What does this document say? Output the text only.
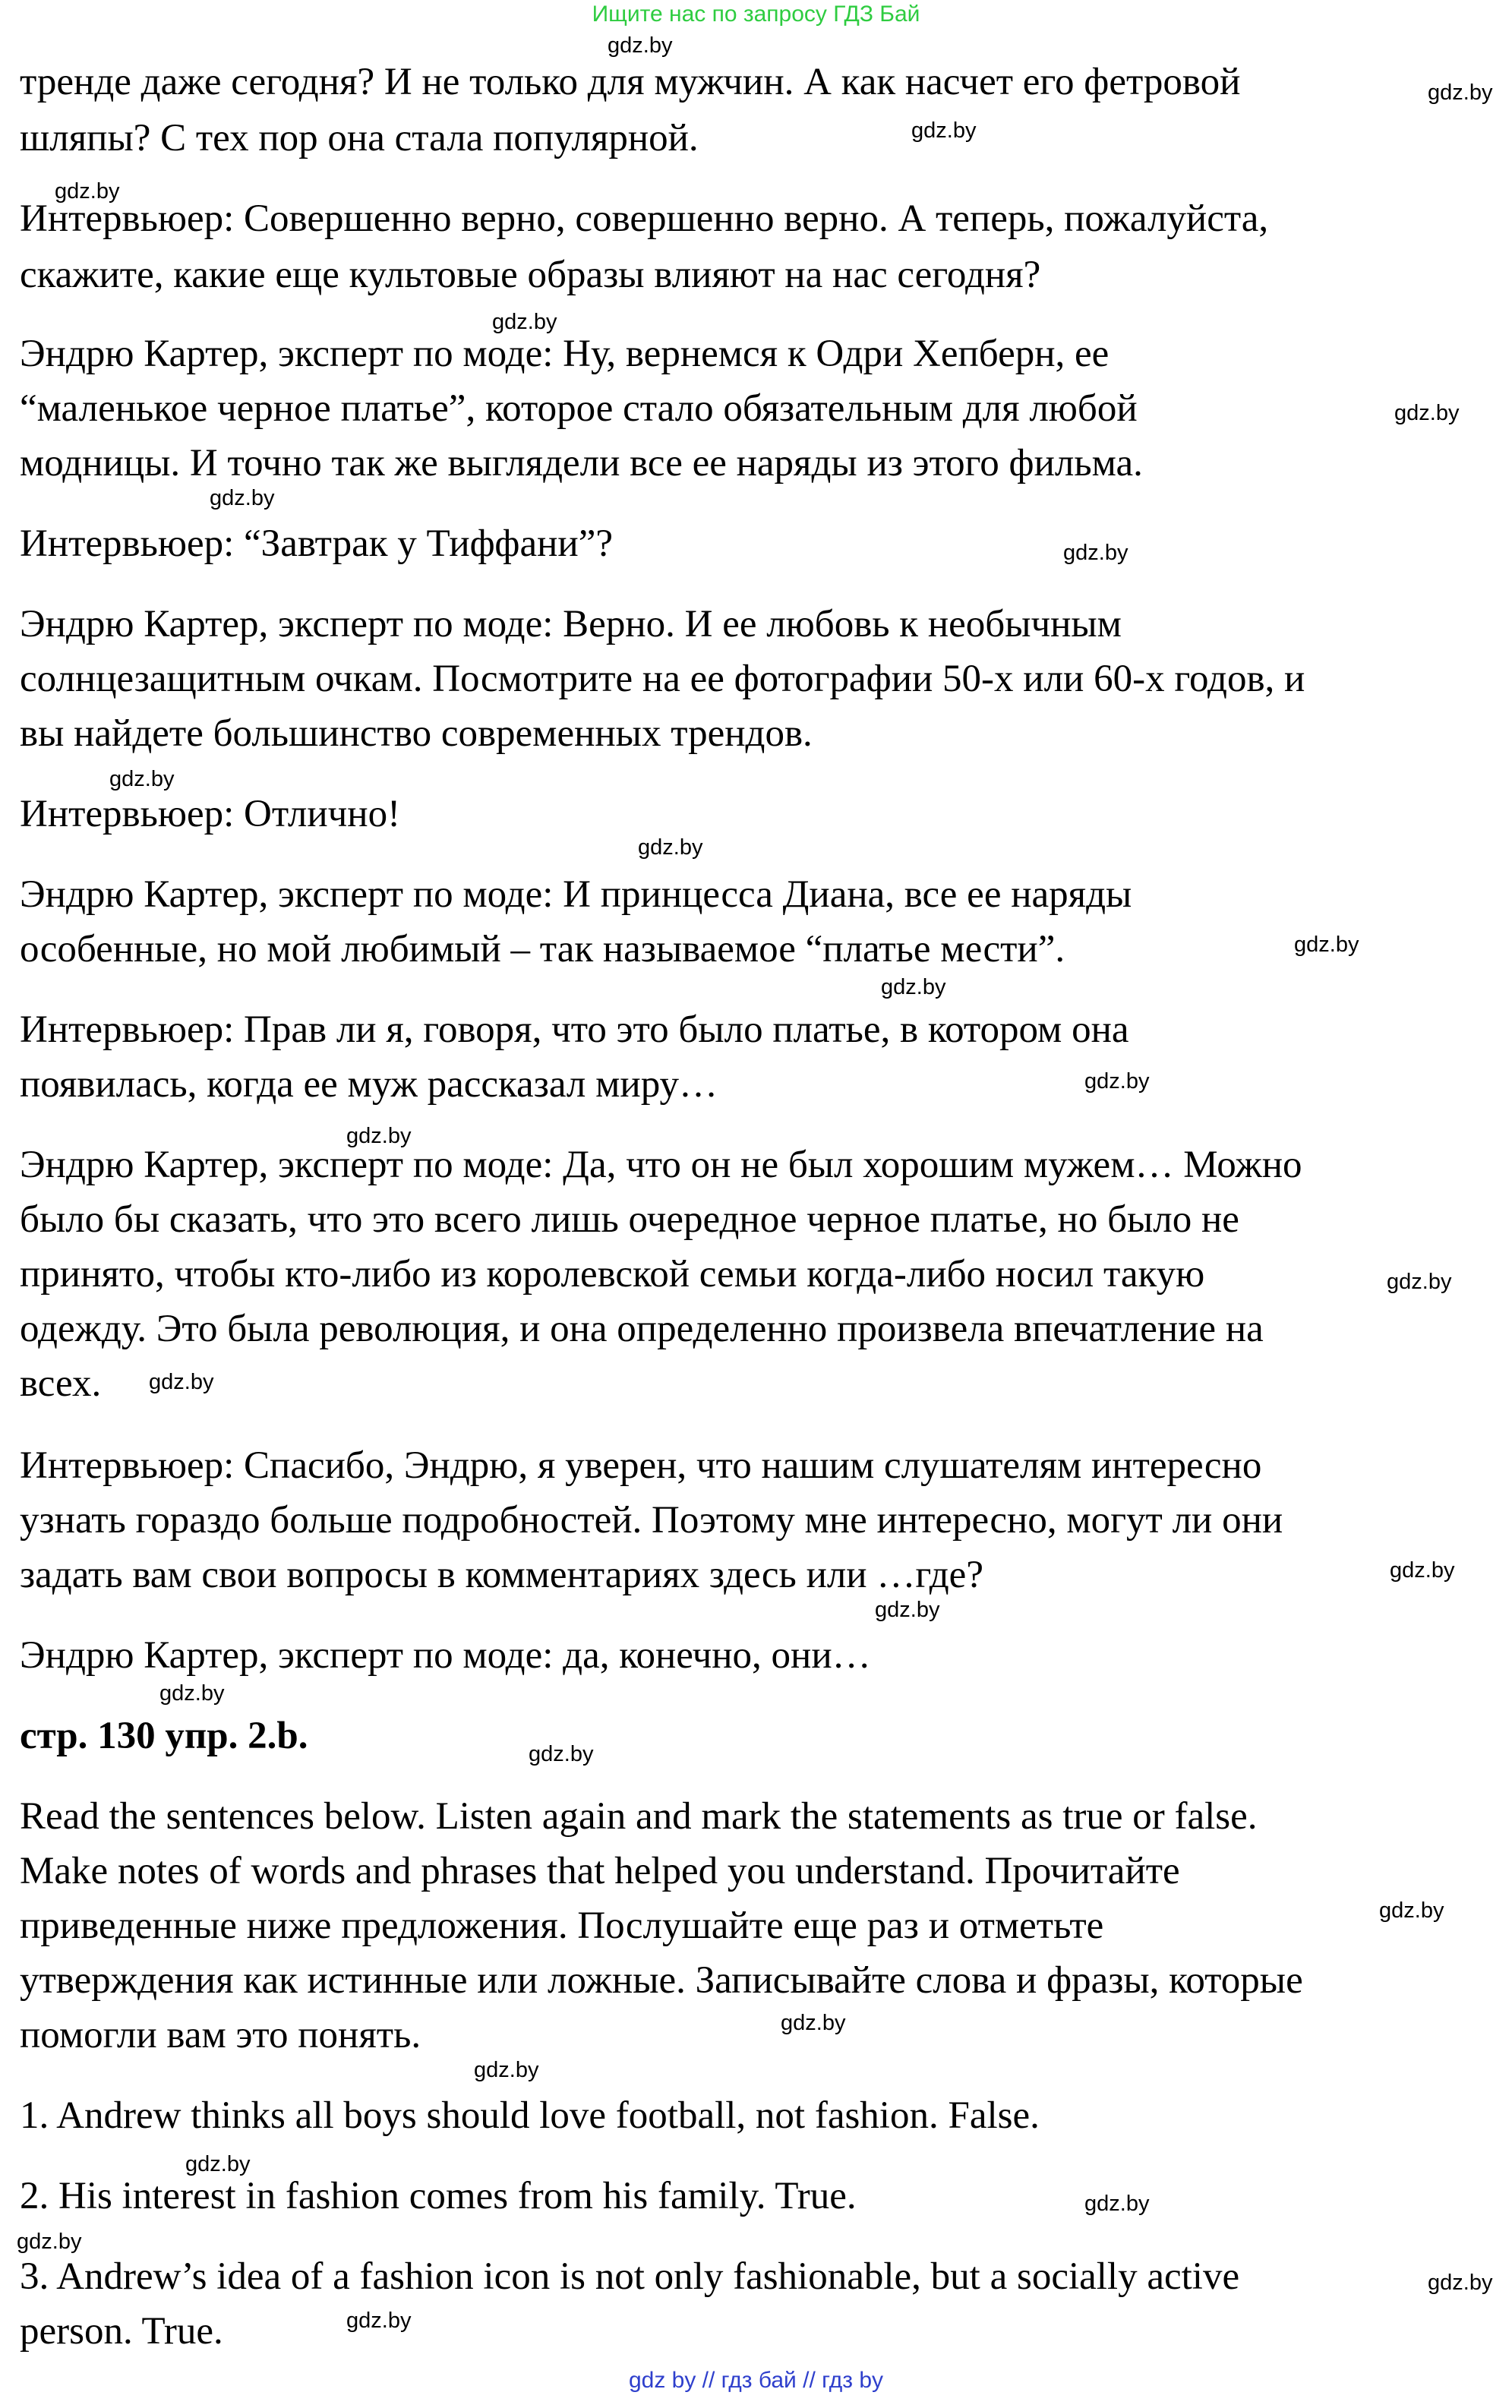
Ищите нас по запросу ГДЗ Бай
тренде даже сегодня? И не только для мужчин. А как насчет его фетровой
шляпы? С тех пор она стала популярной.
Интервьюер: Совершенно верно, совершенно верно. А теперь, пожалуйста,
скажите, какие еще культовые образы влияют на нас сегодня?
Эндрю Картер, эксперт по моде: Ну, вернемся к Одри Хепберн, ее
“маленькое черное платье”, которое стало обязательным для любой
модницы. И точно так же выглядели все ее наряды из этого фильма.
Интервьюер: “Завтрак у Тиффани”?
Эндрю Картер, эксперт по моде: Верно. И ее любовь к необычным
солнцезащитным очкам. Посмотрите на ее фотографии 50-х или 60-х годов, и
вы найдете большинство современных трендов.
Интервьюер: Отлично!
Эндрю Картер, эксперт по моде: И принцесса Диана, все ее наряды
особенные, но мой любимый – так называемое “платье мести”.
Интервьюер: Прав ли я, говоря, что это было платье, в котором она
появилась, когда ее муж рассказал миру…
Эндрю Картер, эксперт по моде: Да, что он не был хорошим мужем… Можно
было бы сказать, что это всего лишь очередное черное платье, но было не
принято, чтобы кто-либо из королевской семьи когда-либо носил такую
одежду. Это была революция, и она определенно произвела впечатление на
всех.
Интервьюер: Спасибо, Эндрю, я уверен, что нашим слушателям интересно
узнать гораздо больше подробностей. Поэтому мне интересно, могут ли они
задать вам свои вопросы в комментариях здесь или …где?
Эндрю Картер, эксперт по моде: да, конечно, они…
стр. 130 упр. 2.b.
Read the sentences below. Listen again and mark the statements as true or false.
Make notes of words and phrases that helped you understand. Прочитайте
приведенные ниже предложения. Послушайте еще раз и отметьте
утверждения как истинные или ложные. Записывайте слова и фразы, которые
помогли вам это понять.
1. Andrew thinks all boys should love football, not fashion. False.
2. His interest in fashion comes from his family. True.
3. Andrew’s idea of a fashion icon is not only fashionable, but a socially active
person. True.
gdz.by
gdz.by
gdz.by
gdz.by
gdz.by
gdz.by
gdz.by
gdz.by
gdz.by
gdz.by
gdz.by
gdz.by
gdz.by
gdz.by
gdz.by
gdz.by
gdz.by
gdz.by
gdz.by
gdz.by
gdz.by
gdz.by
gdz.by
gdz.by
gdz.by
gdz.by
gdz.by
gdz.by
gdz by // гдз бай // гдз by
